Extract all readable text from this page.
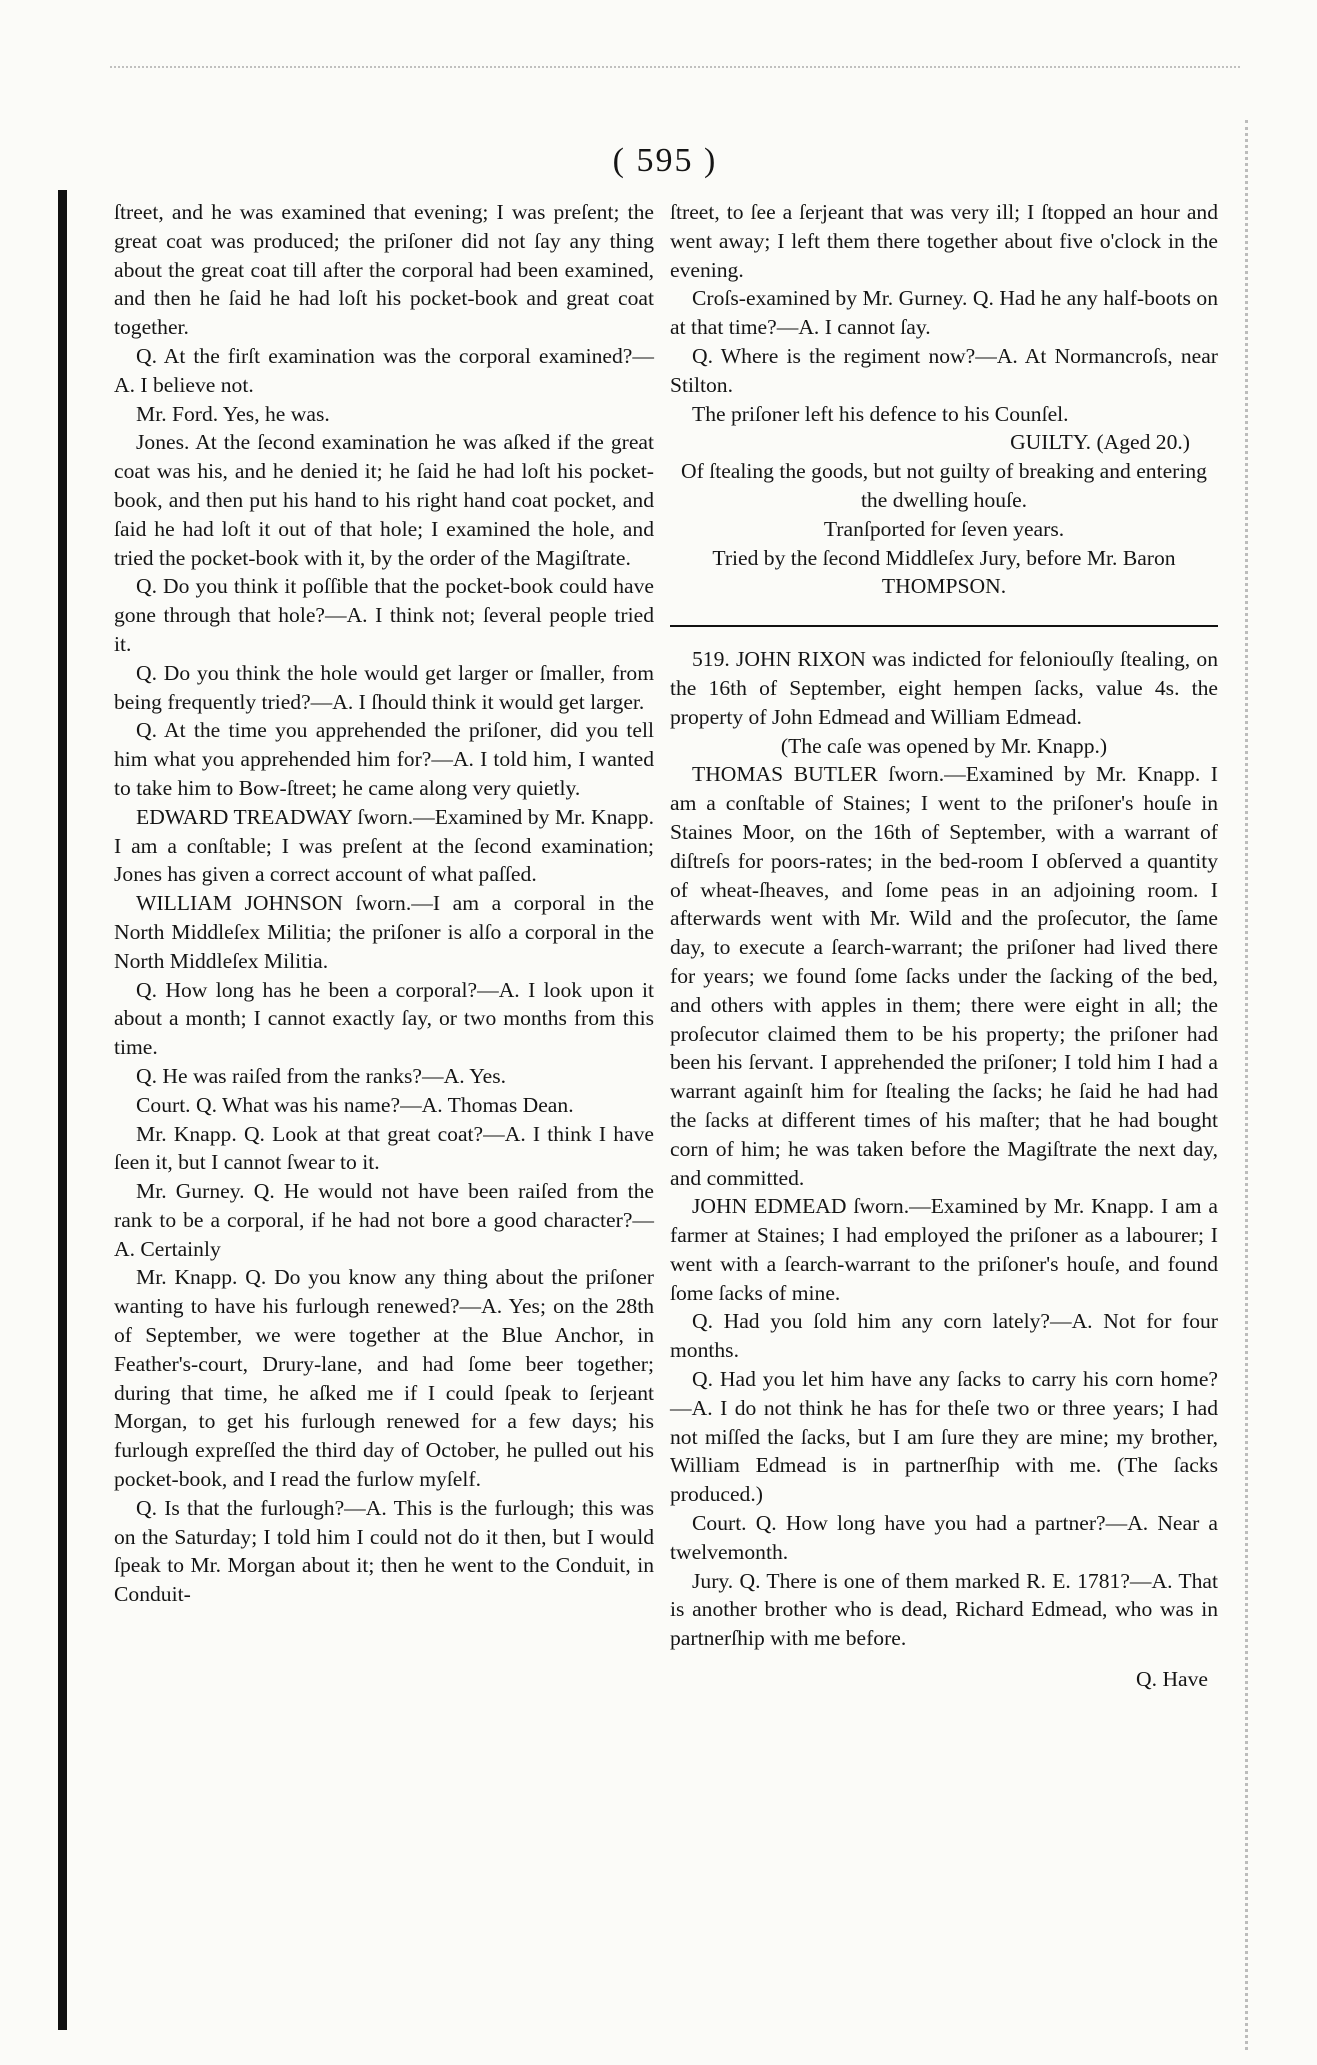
( 595 )

ſtreet, and he was examined that evening; I was preſent; the great coat was produced; the priſoner did not ſay any thing about the great coat till after the corporal had been examined, and then he ſaid he had loſt his pocket-book and great coat together.

Q. At the firſt examination was the corporal examined?—A. I believe not.

Mr. Ford. Yes, he was.

Jones. At the ſecond examination he was aſked if the great coat was his, and he denied it; he ſaid he had loſt his pocket-book, and then put his hand to his right hand coat pocket, and ſaid he had loſt it out of that hole; I examined the hole, and tried the pocket-book with it, by the order of the Magiſtrate.

Q. Do you think it poſſible that the pocket-book could have gone through that hole?—A. I think not; ſeveral people tried it.

Q. Do you think the hole would get larger or ſmaller, from being frequently tried?—A. I ſhould think it would get larger.

Q. At the time you apprehended the priſoner, did you tell him what you apprehended him for?—A. I told him, I wanted to take him to Bow-ſtreet; he came along very quietly.

EDWARD TREADWAY ſworn.—Examined by Mr. Knapp. I am a conſtable; I was preſent at the ſecond examination; Jones has given a correct account of what paſſed.

WILLIAM JOHNSON ſworn.—I am a corporal in the North Middleſex Militia; the priſoner is alſo a corporal in the North Middleſex Militia.

Q. How long has he been a corporal?—A. I look upon it about a month; I cannot exactly ſay, or two months from this time.

Q. He was raiſed from the ranks?—A. Yes.

Court. Q. What was his name?—A. Thomas Dean.

Mr. Knapp. Q. Look at that great coat?—A. I think I have ſeen it, but I cannot ſwear to it.

Mr. Gurney. Q. He would not have been raiſed from the rank to be a corporal, if he had not bore a good character?—A. Certainly

Mr. Knapp. Q. Do you know any thing about the priſoner wanting to have his furlough renewed?—A. Yes; on the 28th of September, we were together at the Blue Anchor, in Feather's-court, Drury-lane, and had ſome beer together; during that time, he aſked me if I could ſpeak to ſerjeant Morgan, to get his furlough renewed for a few days; his furlough expreſſed the third day of October, he pulled out his pocket-book, and I read the furlow myſelf.

Q. Is that the furlough?—A. This is the furlough; this was on the Saturday; I told him I could not do it then, but I would ſpeak to Mr. Morgan about it; then he went to the Conduit, in Conduit-

ſtreet, to ſee a ſerjeant that was very ill; I ſtopped an hour and went away; I left them there together about five o'clock in the evening.

Croſs-examined by Mr. Gurney. Q. Had he any half-boots on at that time?—A. I cannot ſay.

Q. Where is the regiment now?—A. At Normancroſs, near Stilton.

The priſoner left his defence to his Counſel.

GUILTY. (Aged 20.)

Of ſtealing the goods, but not guilty of breaking and entering the dwelling houſe.

Tranſported for ſeven years.

Tried by the ſecond Middleſex Jury, before Mr. Baron THOMPSON.

519. JOHN RIXON was indicted for feloniouſly ſtealing, on the 16th of September, eight hempen ſacks, value 4s. the property of John Edmead and William Edmead.

(The caſe was opened by Mr. Knapp.)

THOMAS BUTLER ſworn.—Examined by Mr. Knapp. I am a conſtable of Staines; I went to the priſoner's houſe in Staines Moor, on the 16th of September, with a warrant of diſtreſs for poors-rates; in the bed-room I obſerved a quantity of wheat-ſheaves, and ſome peas in an adjoining room. I afterwards went with Mr. Wild and the proſecutor, the ſame day, to execute a ſearch-warrant; the priſoner had lived there for years; we found ſome ſacks under the ſacking of the bed, and others with apples in them; there were eight in all; the proſecutor claimed them to be his property; the priſoner had been his ſervant. I apprehended the priſoner; I told him I had a warrant againſt him for ſtealing the ſacks; he ſaid he had had the ſacks at different times of his maſter; that he had bought corn of him; he was taken before the Magiſtrate the next day, and committed.

JOHN EDMEAD ſworn.—Examined by Mr. Knapp. I am a farmer at Staines; I had employed the priſoner as a labourer; I went with a ſearch-warrant to the priſoner's houſe, and found ſome ſacks of mine.

Q. Had you ſold him any corn lately?—A. Not for four months.

Q. Had you let him have any ſacks to carry his corn home?—A. I do not think he has for theſe two or three years; I had not miſſed the ſacks, but I am ſure they are mine; my brother, William Edmead is in partnerſhip with me. (The ſacks produced.)

Court. Q. How long have you had a partner?—A. Near a twelvemonth.

Jury. Q. There is one of them marked R. E. 1781?—A. That is another brother who is dead, Richard Edmead, who was in partnerſhip with me before.

Q. Have
